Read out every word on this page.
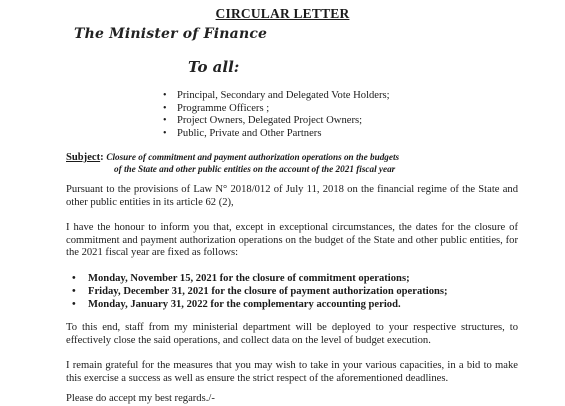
CIRCULAR LETTER
The Minister of Finance
To all:
• Principal, Secondary and Delegated Vote Holders;
• Programme Officers ;
• Project Owners, Delegated Project Owners;
• Public, Private and Other Partners
Subject: Closure of commitment and payment authorization operations on the budgets
of the State and other public entities on the account of the 2021 fiscal year

Pursuant to the provisions of Law N° 2018/012 of July 11, 2018 on the financial regime of the State and other public entities in its article 62 (2),

I have the honour to inform you that, except in exceptional circumstances, the dates for the closure of commitment and payment authorization operations on the budget of the State and other public entities, for the 2021 fiscal year are fixed as follows:

• Monday, November 15, 2021 for the closure of commitment operations;
• Friday, December 31, 2021 for the closure of payment authorization operations;
• Monday, January 31, 2022 for the complementary accounting period.

To this end, staff from my ministerial department will be deployed to your respective structures, to effectively close the said operations, and collect data on the level of budget execution.

I remain grateful for the measures that you may wish to take in your various capacities, in a bid to make this exercise a success as well as ensure the strict respect of the aforementioned deadlines.

Please do accept my best regards./-
